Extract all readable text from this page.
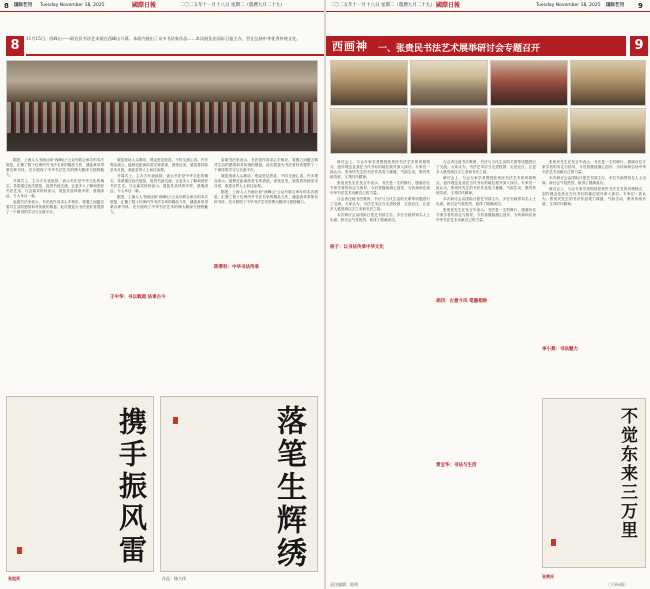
8 国际艺刊 Tuesday November 18, 2025	國際日報	二〇二五年十一月十八日 星期二（農曆九月二十九）
8	11月15日，西峰山——联农民书法艺术展在西峰山开幕。本展内展出了众多书法家作品……本次展览由国际日报主办，旨在弘扬中华优秀传统文化。

据悉，上海人人书画社和"西峰山"公众号联合承办的本次展览，汇聚了数十位海内外书法名家的精品力作，涵盖真草隶篆各种书体，充分展现了中华书法艺术的博大精深与独特魅力。

开幕式上，主办方代表致辞，表示书法是中华文化的瑰宝，希望通过此次展览，促进书画交流，让更多人了解和喜爱书法艺术。与会嘉宾纷纷表示，展览作品风格多样，意境深远，令人耳目一新。

参展书法家表示，书法创作讲求心手相应，笔墨之间蕴含着对生活的感悟和对传统的敬意。此次展览为书法爱好者提供了一个难得的学习与交流平台。

展览现场人头攒动，观众驻足欣赏，不时交流心得。许多观众表示，能够近距离欣赏名家真迹，深受启发。展览将持续至本月底，欢迎各界人士前往参观。

开幕式上，主办方代表致辞，表示书法是中华文化的瑰宝，希望通过此次展览，促进书画交流，让更多人了解和喜爱书法艺术。与会嘉宾纷纷表示，展览作品风格多样，意境深远，令人耳目一新。

据悉，上海人人书画社和"西峰山"公众号联合承办的本次展览，汇聚了数十位海内外书法名家的精品力作，涵盖真草隶篆各种书体，充分展现了中华书法艺术的博大精深与独特魅力。

王中华：书以载道 法承古今

参展书法家表示，书法创作讲求心手相应，笔墨之间蕴含着对生活的感悟和对传统的敬意。此次展览为书法爱好者提供了一个难得的学习与交流平台。

展览现场人头攒动，观众驻足欣赏，不时交流心得。许多观众表示，能够近距离欣赏名家真迹，深受启发。展览将持续至本月底，欢迎各界人士前往参观。

据悉，上海人人书画社和"西峰山"公众号联合承办的本次展览，汇聚了数十位海内外书法名家的精品力作，涵盖真草隶篆各种书体，充分展现了中华书法艺术的博大精深与独特魅力。

陈秉科：中华书法传承
携手振风雷	落笔生辉绣
张祖英	作品：杨大伟
二〇二五年十一月十八日 星期二（農曆九月二十九） 國際日報	Tuesday November 18, 2025 国际艺刊 9
西画神 一、张贵民书法艺术展举研讨会专题召开	9

研讨会上，与会专家学者围绕张贵民书法艺术的风格特点、创作理念及其在当代书坛的地位展开深入探讨。专家们一致认为，张贵民先生的书法作品笔力雄健，气韵生动，既有传统功底，又具时代精神。

张贵民先生在发言中表示，书法是一生的修行，感谢各位专家学者的肯定与指导，今后将继续潜心创作，为传承和弘扬中华书法艺术贡献自己的力量。

与会者还就书法教育、书法与当代生活的关系等话题进行了交流。大家认为，书法艺术应当走进校园、走进社区，让更多人感受到汉字之美和书法之韵。

本次研讨会由国际日报艺刊部主办，多位书画界知名人士出席。研讨会气氛热烈，取得了圆满成功。

杨子：以书法传承中华文化

与会者还就书法教育、书法与当代生活的关系等话题进行了交流。大家认为，书法艺术应当走进校园、走进社区，让更多人感受到汉字之美和书法之韵。

研讨会上，与会专家学者围绕张贵民书法艺术的风格特点、创作理念及其在当代书坛的地位展开深入探讨。专家们一致认为，张贵民先生的书法作品笔力雄健，气韵生动，既有传统功底，又具时代精神。

本次研讨会由国际日报艺刊部主办，多位书画界知名人士出席。研讨会气氛热烈，取得了圆满成功。

张贵民先生在发言中表示，书法是一生的修行，感谢各位专家学者的肯定与指导，今后将继续潜心创作，为传承和弘扬中华书法艺术贡献自己的力量。

胡四：古意今风 笔墨相映
黄宝华：书法与生活

张贵民先生在发言中表示，书法是一生的修行，感谢各位专家学者的肯定与指导，今后将继续潜心创作，为传承和弘扬中华书法艺术贡献自己的力量。

本次研讨会由国际日报艺刊部主办，多位书画界知名人士出席。研讨会气氛热烈，取得了圆满成功。

研讨会上，与会专家学者围绕张贵民书法艺术的风格特点、创作理念及其在当代书坛的地位展开深入探讨。专家们一致认为，张贵民先生的书法作品笔力雄健，气韵生动，既有传统功底，又具时代精神。

李小燕：书法魅力
不觉东来三万里
张贵民
（下转8版）
责任编辑：陈明
